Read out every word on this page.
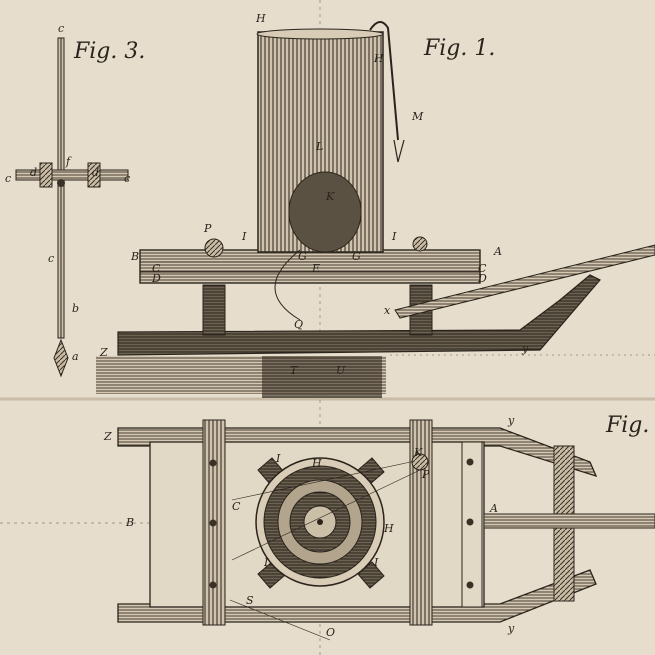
Fig. 3.	Fig. 1.
Fig.
c
c	c
d	d
f
c
b
a
H
H
M
L
K
P
I	I
B	A
C	C
D	D
G	G
E
x
Q
Z	y
T	U
Z
y
y
B
A
H
H
I
I	I
K
P
C
S
O
